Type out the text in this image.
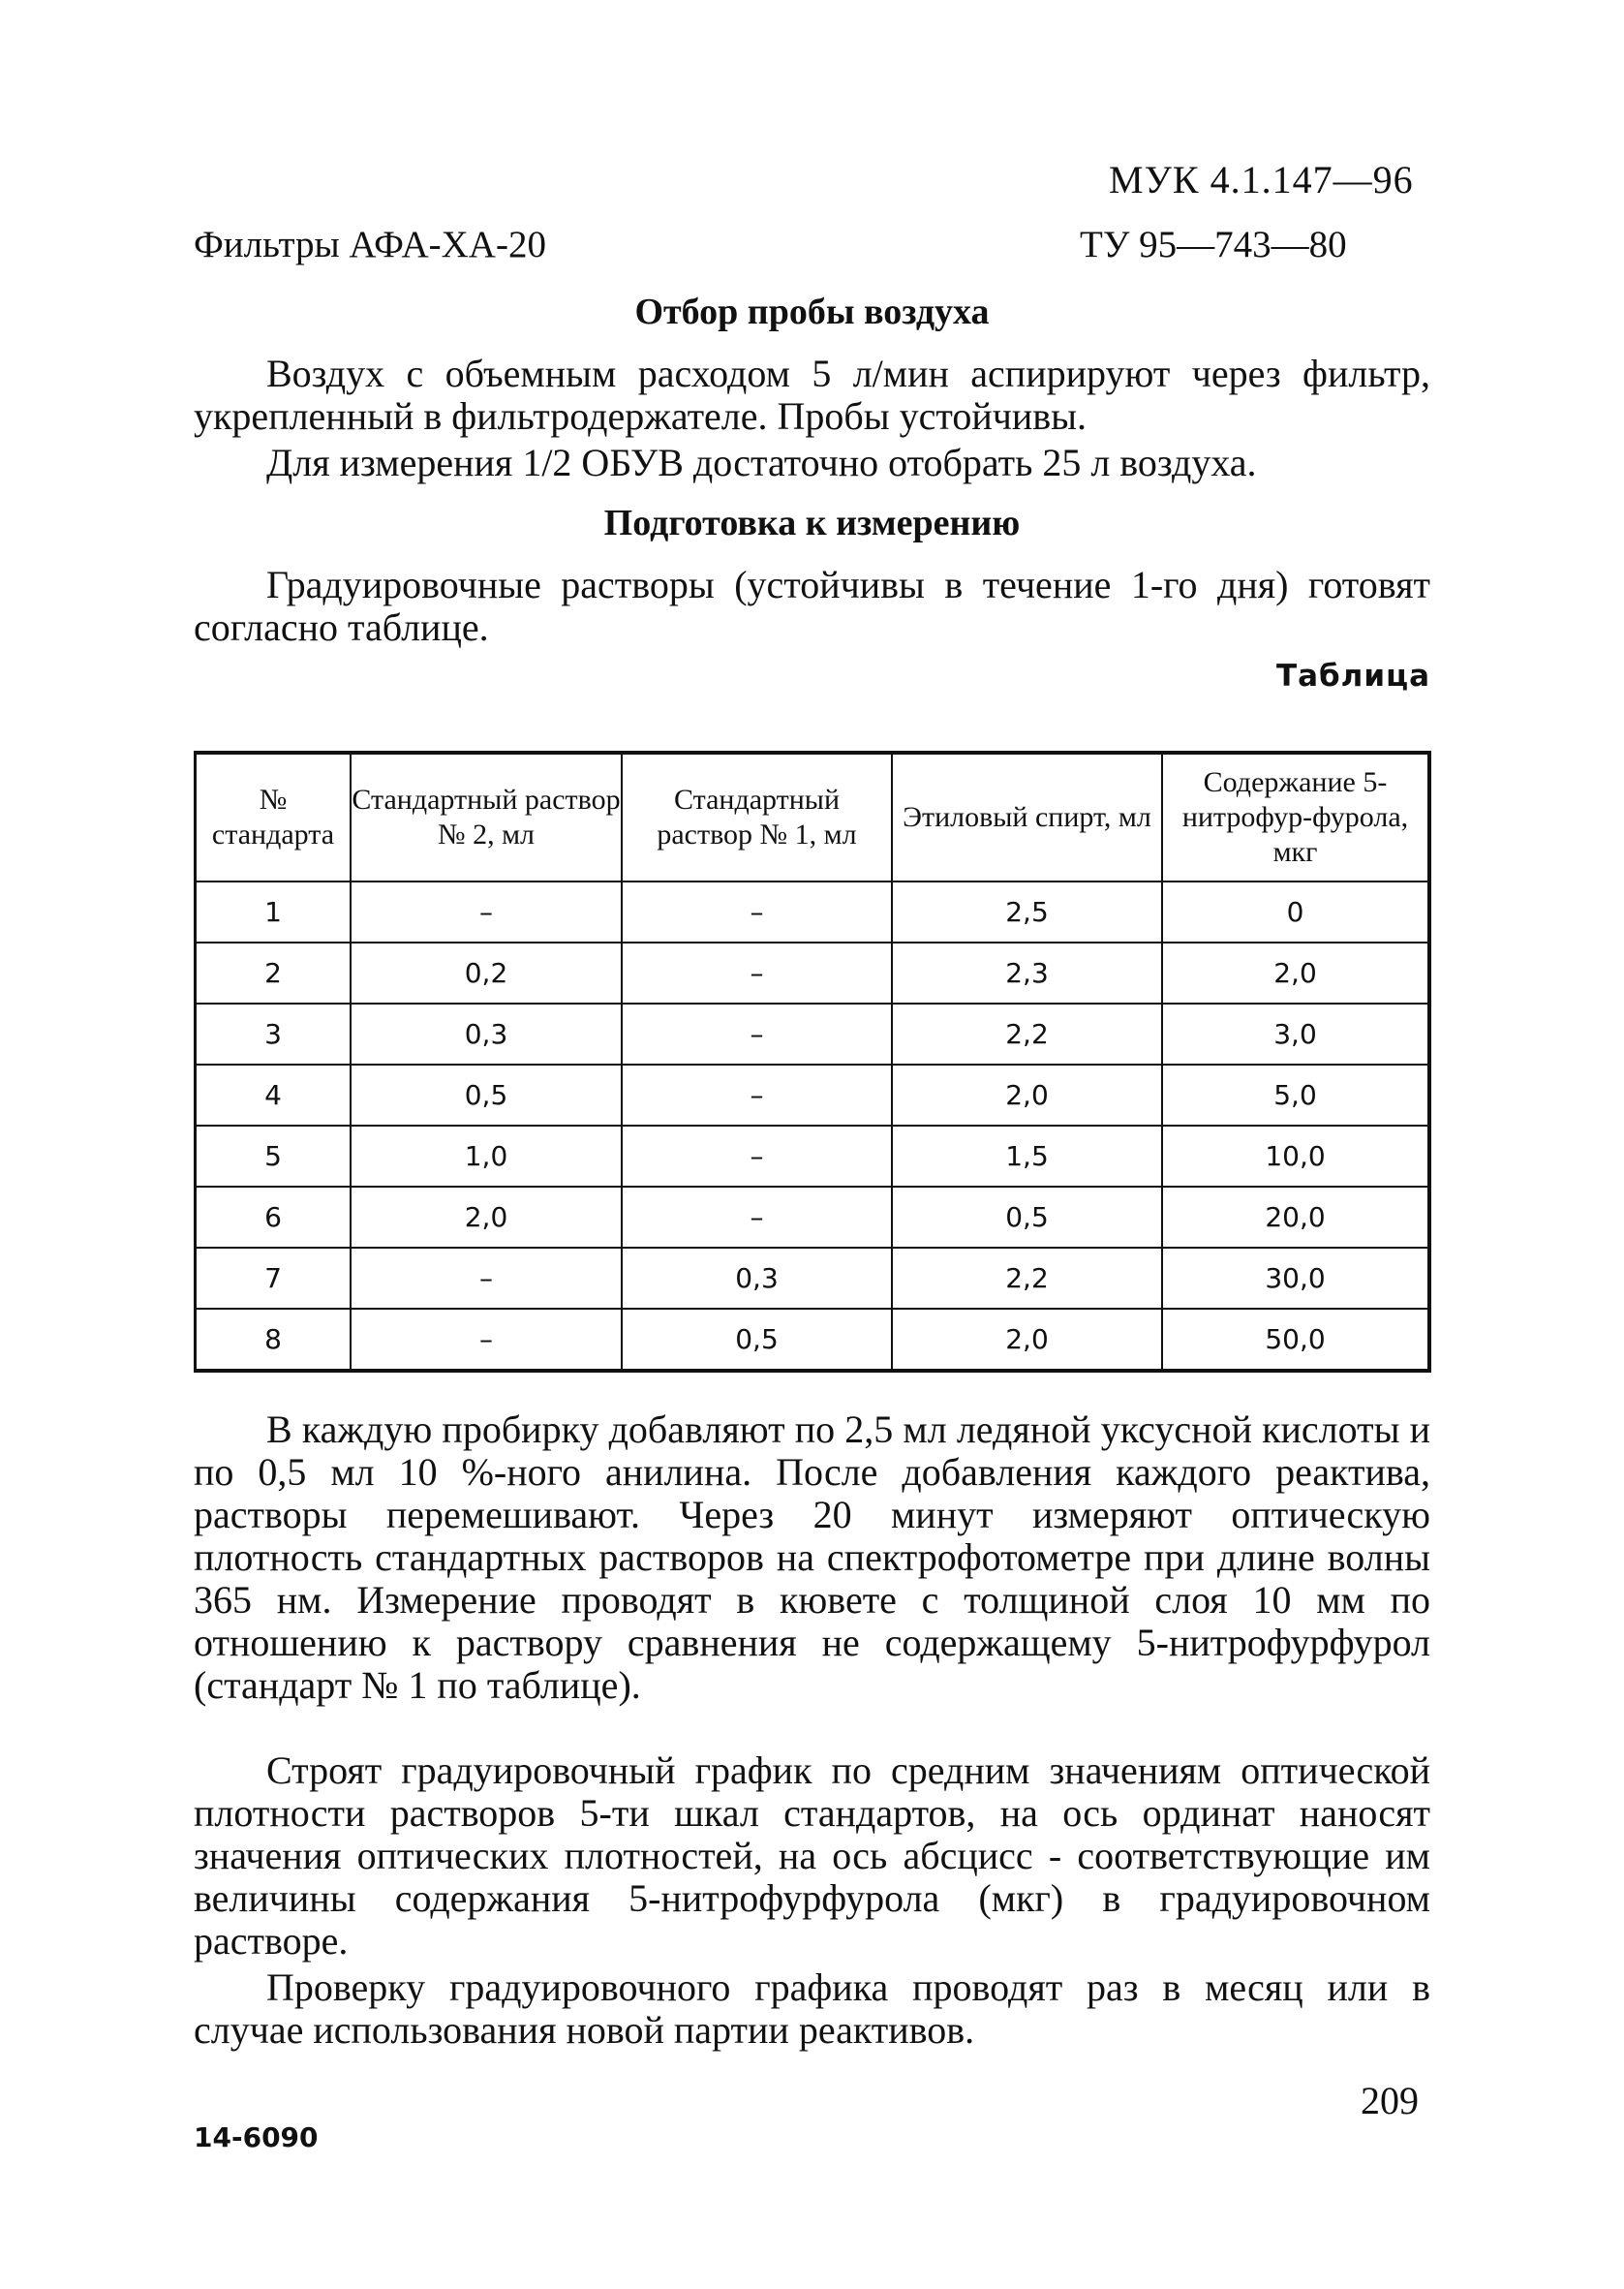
МУК 4.1.147—96
Фильтры АФА-ХА-20	ТУ 95—743—80
Отбор пробы воздуха
Воздух с объемным расходом 5 л/мин аспирируют через фильтр, укрепленный в фильтродержателе. Пробы устойчивы.
Для измерения 1/2 ОБУВ достаточно отобрать 25 л воздуха.
Подготовка к измерению
Градуировочные растворы (устойчивы в течение 1-го дня) готовят согласно таблице.
Таблица
№ стандарта	Стандартный раствор № 2, мл	Стандартный раствор № 1, мл	Этиловый спирт, мл	Содержание 5-нитрофур-фурола, мкг
1	–	–	2,5	0
2	0,2	–	2,3	2,0
3	0,3	–	2,2	3,0
4	0,5	–	2,0	5,0
5	1,0	–	1,5	10,0
6	2,0	–	0,5	20,0
7	–	0,3	2,2	30,0
8	–	0,5	2,0	50,0
В каждую пробирку добавляют по 2,5 мл ледяной уксусной кислоты и по 0,5 мл 10 %-ного анилина. После добавления каждого реактива, растворы перемешивают. Через 20 минут измеряют оптическую плотность стандартных растворов на спектрофотометре при длине волны 365 нм. Измерение проводят в кювете с толщиной слоя 10 мм по отношению к раствору сравнения не содержащему 5-нитрофурфурол (стандарт № 1 по таблице).
Строят градуировочный график по средним значениям оптической плотности растворов 5-ти шкал стандартов, на ось ординат наносят значения оптических плотностей, на ось абсцисс - соответствующие им величины содержания 5-нитрофурфурола (мкг) в градуировочном растворе.
Проверку градуировочного графика проводят раз в месяц или в случае использования новой партии реактивов.
209
14-6090
